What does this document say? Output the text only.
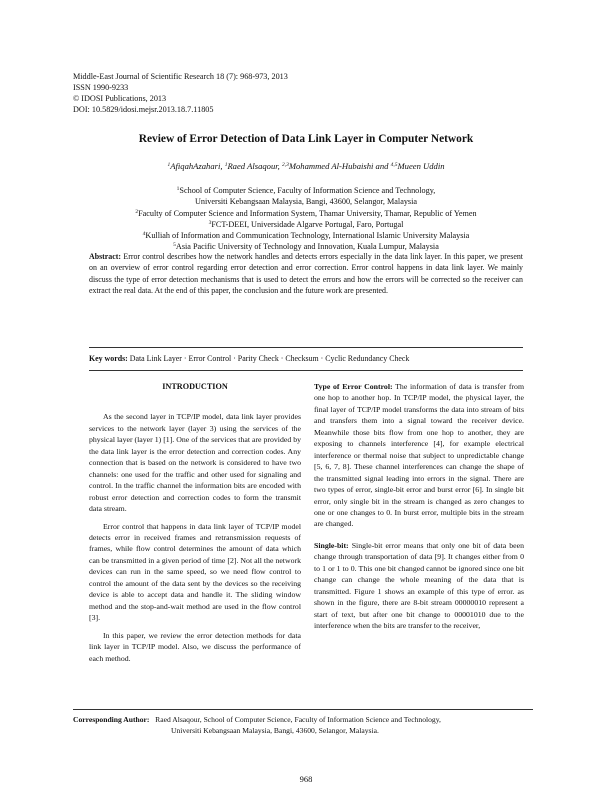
Middle-East Journal of Scientific Research 18 (7): 968-973, 2013
ISSN 1990-9233
© IDOSI Publications, 2013
DOI: 10.5829/idosi.mejsr.2013.18.7.11805
Review of Error Detection of Data Link Layer in Computer Network
$^1$AfiqahAzahari, $^1$Raed Alsaqour, $^{2,3}$Mohammed Al-Hubaishi and $^{4,5}$Mueen Uddin
$^1$School of Computer Science, Faculty of Information Science and Technology,
Universiti Kebangsaan Malaysia, Bangi, 43600, Selangor, Malaysia
$^2$Faculty of Computer Science and Information System, Thamar University, Thamar, Republic of Yemen
$^3$FCT-DEEI, Universidade Algarve Portugal, Faro, Portugal
$^4$Kulliah of Information and Communication Technology, International Islamic University Malaysia
$^5$Asia Pacific University of Technology and Innovation, Kuala Lumpur, Malaysia
Abstract: Error control describes how the network handles and detects errors especially in the data link layer. In this paper, we present on an overview of error control regarding error detection and error correction. Error control happens in data link layer. We mainly discuss the type of error detection mechanisms that is used to detect the errors and how the errors will be corrected so the receiver can extract the real data. At the end of this paper, the conclusion and the future work are presented.
Key words: Data Link Layer · Error Control · Parity Check · Checksum · Cyclic Redundancy Check

INTRODUCTION

As the second layer in TCP/IP model, data link layer provides services to the network layer (layer 3) using the services of the physical layer (layer 1) [1]. One of the services that are provided by the data link layer is the error detection and correction codes. Any connection that is based on the network is considered to have two channels: one used for the traffic and other used for signaling and control. In the traffic channel the information bits are encoded with robust error detection and correction codes to form the transmit data stream.

Error control that happens in data link layer of TCP/IP model detects error in received frames and retransmission requests of frames, while flow control determines the amount of data which can be transmitted in a given period of time [2]. Not all the network devices can run in the same speed, so we need flow control to control the amount of the data sent by the devices so the receiving device is able to accept data and handle it. The sliding window method and the stop-and-wait method are used in the flow control [3].

In this paper, we review the error detection methods for data link layer in TCP/IP model. Also, we discuss the performance of each method.

Type of Error Control: The information of data is transfer from one hop to another hop. In TCP/IP model, the physical layer, the final layer of TCP/IP model transforms the data into stream of bits and transfers them into a signal toward the receiver device. Meanwhile those bits flow from one hop to another, they are exposing to channels interference [4], for example electrical interference or thermal noise that subject to unpredictable change [5, 6, 7, 8]. These channel interferences can change the shape of the transmitted signal leading into errors in the signal. There are two types of error, single-bit error and burst error [6]. In single bit error, only single bit in the stream is changed as zero changes to one or one changes to 0. In burst error, multiple bits in the stream are changed.

Single-bit: Single-bit error means that only one bit of data been change through transportation of data [9]. It changes either from 0 to 1 or 1 to 0. This one bit changed cannot be ignored since one bit change can change the whole meaning of the data that is transmitted. Figure 1 shows an example of this type of error. as shown in the figure, there are 8-bit stream 00000010 represent a start of text, but after one bit change to 00001010 due to the interference when the bits are transfer to the receiver,

Corresponding Author: Raed Alsaqour, School of Computer Science, Faculty of Information Science and Technology,
Universiti Kebangsaan Malaysia, Bangi, 43600, Selangor, Malaysia.
968
